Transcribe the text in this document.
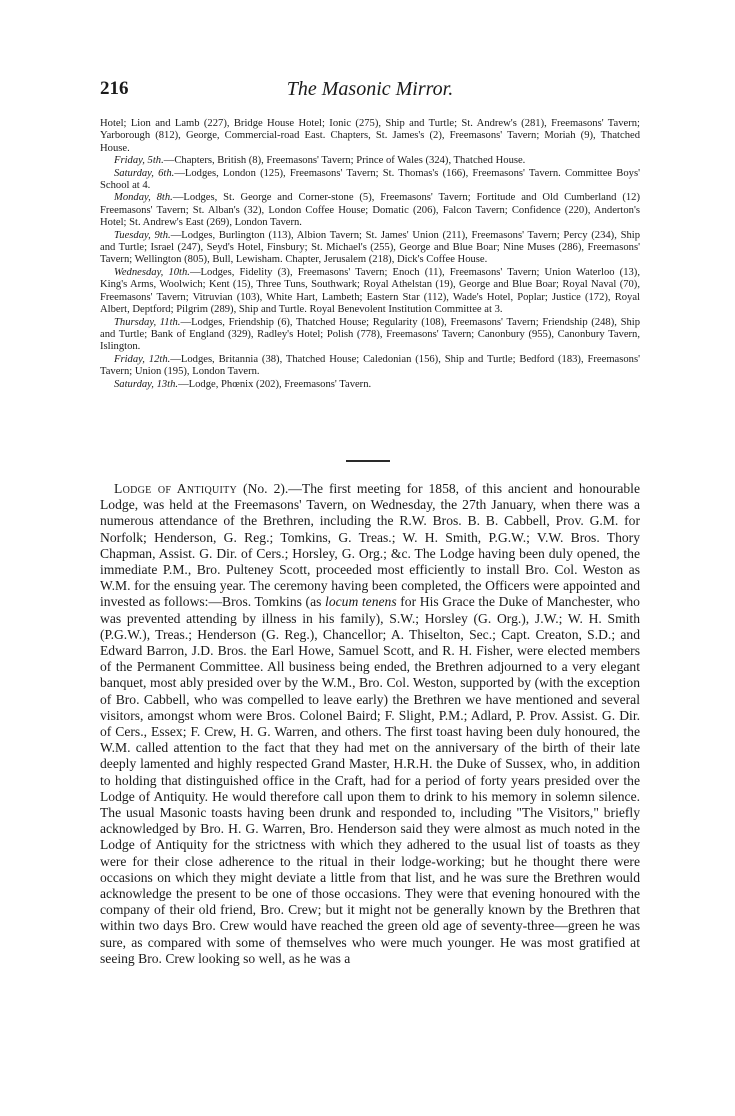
216	The Masonic Mirror.

Hotel; Lion and Lamb (227), Bridge House Hotel; Ionic (275), Ship and Turtle; St. Andrew's (281), Freemasons' Tavern; Yarborough (812), George, Commercial-road East. Chapters, St. James's (2), Freemasons' Tavern; Moriah (9), Thatched House.

Friday, 5th.—Chapters, British (8), Freemasons' Tavern; Prince of Wales (324), Thatched House.

Saturday, 6th.—Lodges, London (125), Freemasons' Tavern; St. Thomas's (166), Freemasons' Tavern. Committee Boys' School at 4.

Monday, 8th.—Lodges, St. George and Corner-stone (5), Freemasons' Tavern; Fortitude and Old Cumberland (12) Freemasons' Tavern; St. Alban's (32), London Coffee House; Domatic (206), Falcon Tavern; Confidence (220), Anderton's Hotel; St. Andrew's East (269), London Tavern.

Tuesday, 9th.—Lodges, Burlington (113), Albion Tavern; St. James' Union (211), Freemasons' Tavern; Percy (234), Ship and Turtle; Israel (247), Seyd's Hotel, Finsbury; St. Michael's (255), George and Blue Boar; Nine Muses (286), Freemasons' Tavern; Wellington (805), Bull, Lewisham. Chapter, Jerusalem (218), Dick's Coffee House.

Wednesday, 10th.—Lodges, Fidelity (3), Freemasons' Tavern; Enoch (11), Freemasons' Tavern; Union Waterloo (13), King's Arms, Woolwich; Kent (15), Three Tuns, Southwark; Royal Athelstan (19), George and Blue Boar; Royal Naval (70), Freemasons' Tavern; Vitruvian (103), White Hart, Lambeth; Eastern Star (112), Wade's Hotel, Poplar; Justice (172), Royal Albert, Deptford; Pilgrim (289), Ship and Turtle. Royal Benevolent Institution Committee at 3.

Thursday, 11th.—Lodges, Friendship (6), Thatched House; Regularity (108), Freemasons' Tavern; Friendship (248), Ship and Turtle; Bank of England (329), Radley's Hotel; Polish (778), Freemasons' Tavern; Canonbury (955), Canonbury Tavern, Islington.

Friday, 12th.—Lodges, Britannia (38), Thatched House; Caledonian (156), Ship and Turtle; Bedford (183), Freemasons' Tavern; Union (195), London Tavern.

Saturday, 13th.—Lodge, Phœnix (202), Freemasons' Tavern.

Lodge of Antiquity (No. 2).—The first meeting for 1858, of this ancient and honourable Lodge, was held at the Freemasons' Tavern, on Wednesday, the 27th January, when there was a numerous attendance of the Brethren, including the R.W. Bros. B. B. Cabbell, Prov. G.M. for Norfolk; Henderson, G. Reg.; Tomkins, G. Treas.; W. H. Smith, P.G.W.; V.W. Bros. Thory Chapman, Assist. G. Dir. of Cers.; Horsley, G. Org.; &c. The Lodge having been duly opened, the immediate P.M., Bro. Pulteney Scott, proceeded most efficiently to install Bro. Col. Weston as W.M. for the ensuing year. The ceremony having been completed, the Officers were appointed and invested as follows:—Bros. Tomkins (as locum tenens for His Grace the Duke of Manchester, who was prevented attending by illness in his family), S.W.; Horsley (G. Org.), J.W.; W. H. Smith (P.G.W.), Treas.; Henderson (G. Reg.), Chancellor; A. Thiselton, Sec.; Capt. Creaton, S.D.; and Edward Barron, J.D. Bros. the Earl Howe, Samuel Scott, and R. H. Fisher, were elected members of the Permanent Committee. All business being ended, the Brethren adjourned to a very elegant banquet, most ably presided over by the W.M., Bro. Col. Weston, supported by (with the exception of Bro. Cabbell, who was compelled to leave early) the Brethren we have mentioned and several visitors, amongst whom were Bros. Colonel Baird; F. Slight, P.M.; Adlard, P. Prov. Assist. G. Dir. of Cers., Essex; F. Crew, H. G. Warren, and others. The first toast having been duly honoured, the W.M. called attention to the fact that they had met on the anniversary of the birth of their late deeply lamented and highly respected Grand Master, H.R.H. the Duke of Sussex, who, in addition to holding that distinguished office in the Craft, had for a period of forty years presided over the Lodge of Antiquity. He would therefore call upon them to drink to his memory in solemn silence. The usual Masonic toasts having been drunk and responded to, including "The Visitors," briefly acknowledged by Bro. H. G. Warren, Bro. Henderson said they were almost as much noted in the Lodge of Antiquity for the strictness with which they adhered to the usual list of toasts as they were for their close adherence to the ritual in their lodge-working; but he thought there were occasions on which they might deviate a little from that list, and he was sure the Brethren would acknowledge the present to be one of those occasions. They were that evening honoured with the company of their old friend, Bro. Crew; but it might not be generally known by the Brethren that within two days Bro. Crew would have reached the green old age of seventy-three—green he was sure, as compared with some of themselves who were much younger. He was most gratified at seeing Bro. Crew looking so well, as he was a
